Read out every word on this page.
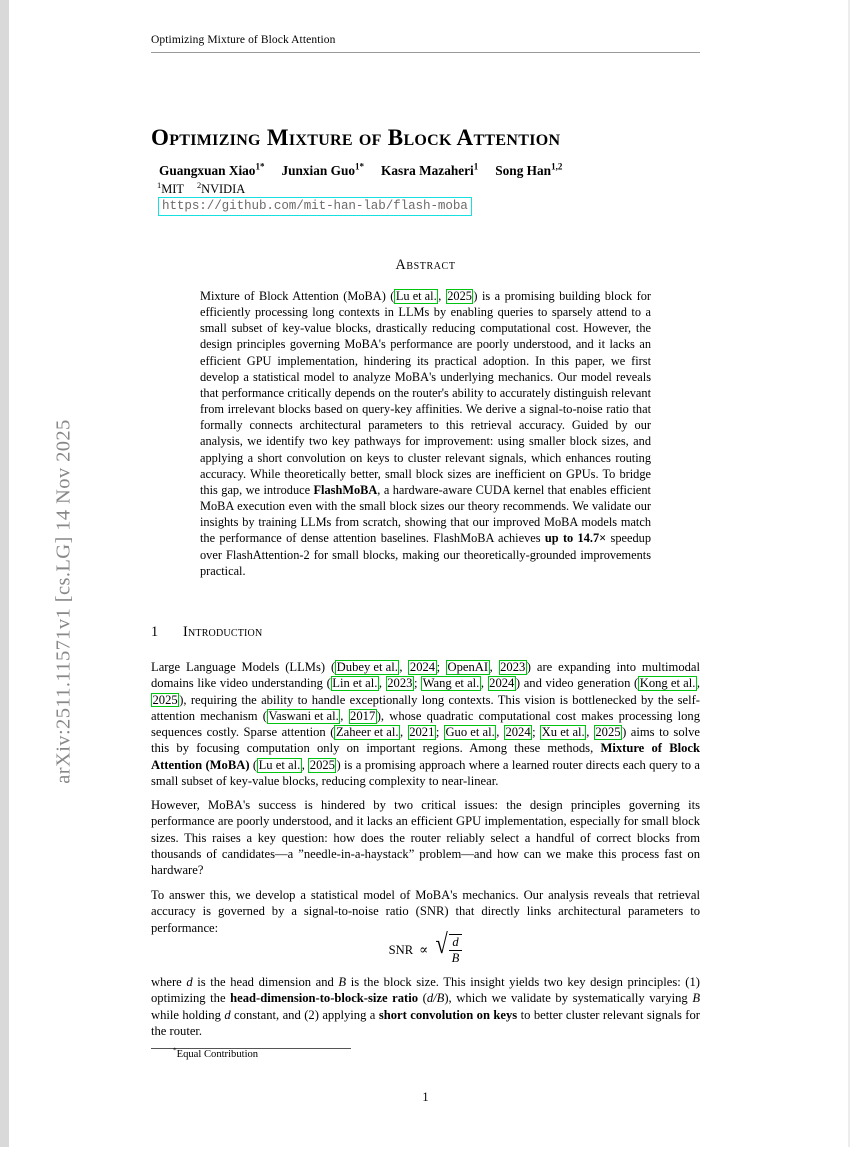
arXiv:2511.11571v1 [cs.LG] 14 Nov 2025
Optimizing Mixture of Block Attention
Optimizing Mixture of Block Attention
Guangxuan Xiao$^{1*}$ Junxian Guo$^{1*}$ Kasra Mazaheri$^1$ Song Han$^{1,2}$
$^1$MIT $^2$NVIDIA
https://github.com/mit-han-lab/flash-moba
Abstract
Mixture of Block Attention (MoBA) ( Lu et al. , 2025 ) is a promising building block for efficiently processing long contexts in LLMs by enabling queries to sparsely attend to a small subset of key-value blocks, drastically reducing computational cost. However, the design principles governing MoBA's performance are poorly understood, and it lacks an efficient GPU implementation, hindering its practical adoption. In this paper, we first develop a statistical model to analyze MoBA's underlying mechanics. Our model reveals that performance critically depends on the router's ability to accurately distinguish relevant from irrelevant blocks based on query-key affinities. We derive a signal-to-noise ratio that formally connects architectural parameters to this retrieval accuracy. Guided by our analysis, we identify two key pathways for improvement: using smaller block sizes, and applying a short convolution on keys to cluster relevant signals, which enhances routing accuracy. While theoretically better, small block sizes are inefficient on GPUs. To bridge this gap, we introduce FlashMoBA, a hardware-aware CUDA kernel that enables efficient MoBA execution even with the small block sizes our theory recommends. We validate our insights by training LLMs from scratch, showing that our improved MoBA models match the performance of dense attention baselines. FlashMoBA achieves up to 14.7× speedup over FlashAttention-2 for small blocks, making our theoretically-grounded improvements practical.
1 Introduction
Large Language Models (LLMs) ( Dubey et al. , 2024 ; OpenAI , 2023 ) are expanding into multimodal domains like video understanding ( Lin et al. , 2023 ; Wang et al. , 2024 ) and video generation ( Kong et al. , 2025 ), requiring the ability to handle exceptionally long contexts. This vision is bottlenecked by the self-attention mechanism ( Vaswani et al. , 2017 ), whose quadratic computational cost makes processing long sequences costly. Sparse attention ( Zaheer et al. , 2021 ; Guo et al. , 2024 ; Xu et al. , 2025 ) aims to solve this by focusing computation only on important regions. Among these methods, Mixture of Block Attention (MoBA) ( Lu et al. , 2025 ) is a promising approach where a learned router directs each query to a small subset of key-value blocks, reducing complexity to near-linear.
However, MoBA's success is hindered by two critical issues: the design principles governing its performance are poorly understood, and it lacks an efficient GPU implementation, especially for small block sizes. This raises a key question: how does the router reliably select a handful of correct blocks from thousands of candidates—a ”needle-in-a-haystack” problem—and how can we make this process fast on hardware?
To answer this, we develop a statistical model of MoBA's mechanics. Our analysis reveals that retrieval accuracy is governed by a signal-to-noise ratio (SNR) that directly links architectural parameters to performance:
SNR ∝ √ $\frac{d}{B}$
where d is the head dimension and B is the block size. This insight yields two key design principles: (1) optimizing the head-dimension-to-block-size ratio (d/B), which we validate by systematically varying B while holding d constant, and (2) applying a short convolution on keys to better cluster relevant signals for the router.
*Equal Contribution
1
